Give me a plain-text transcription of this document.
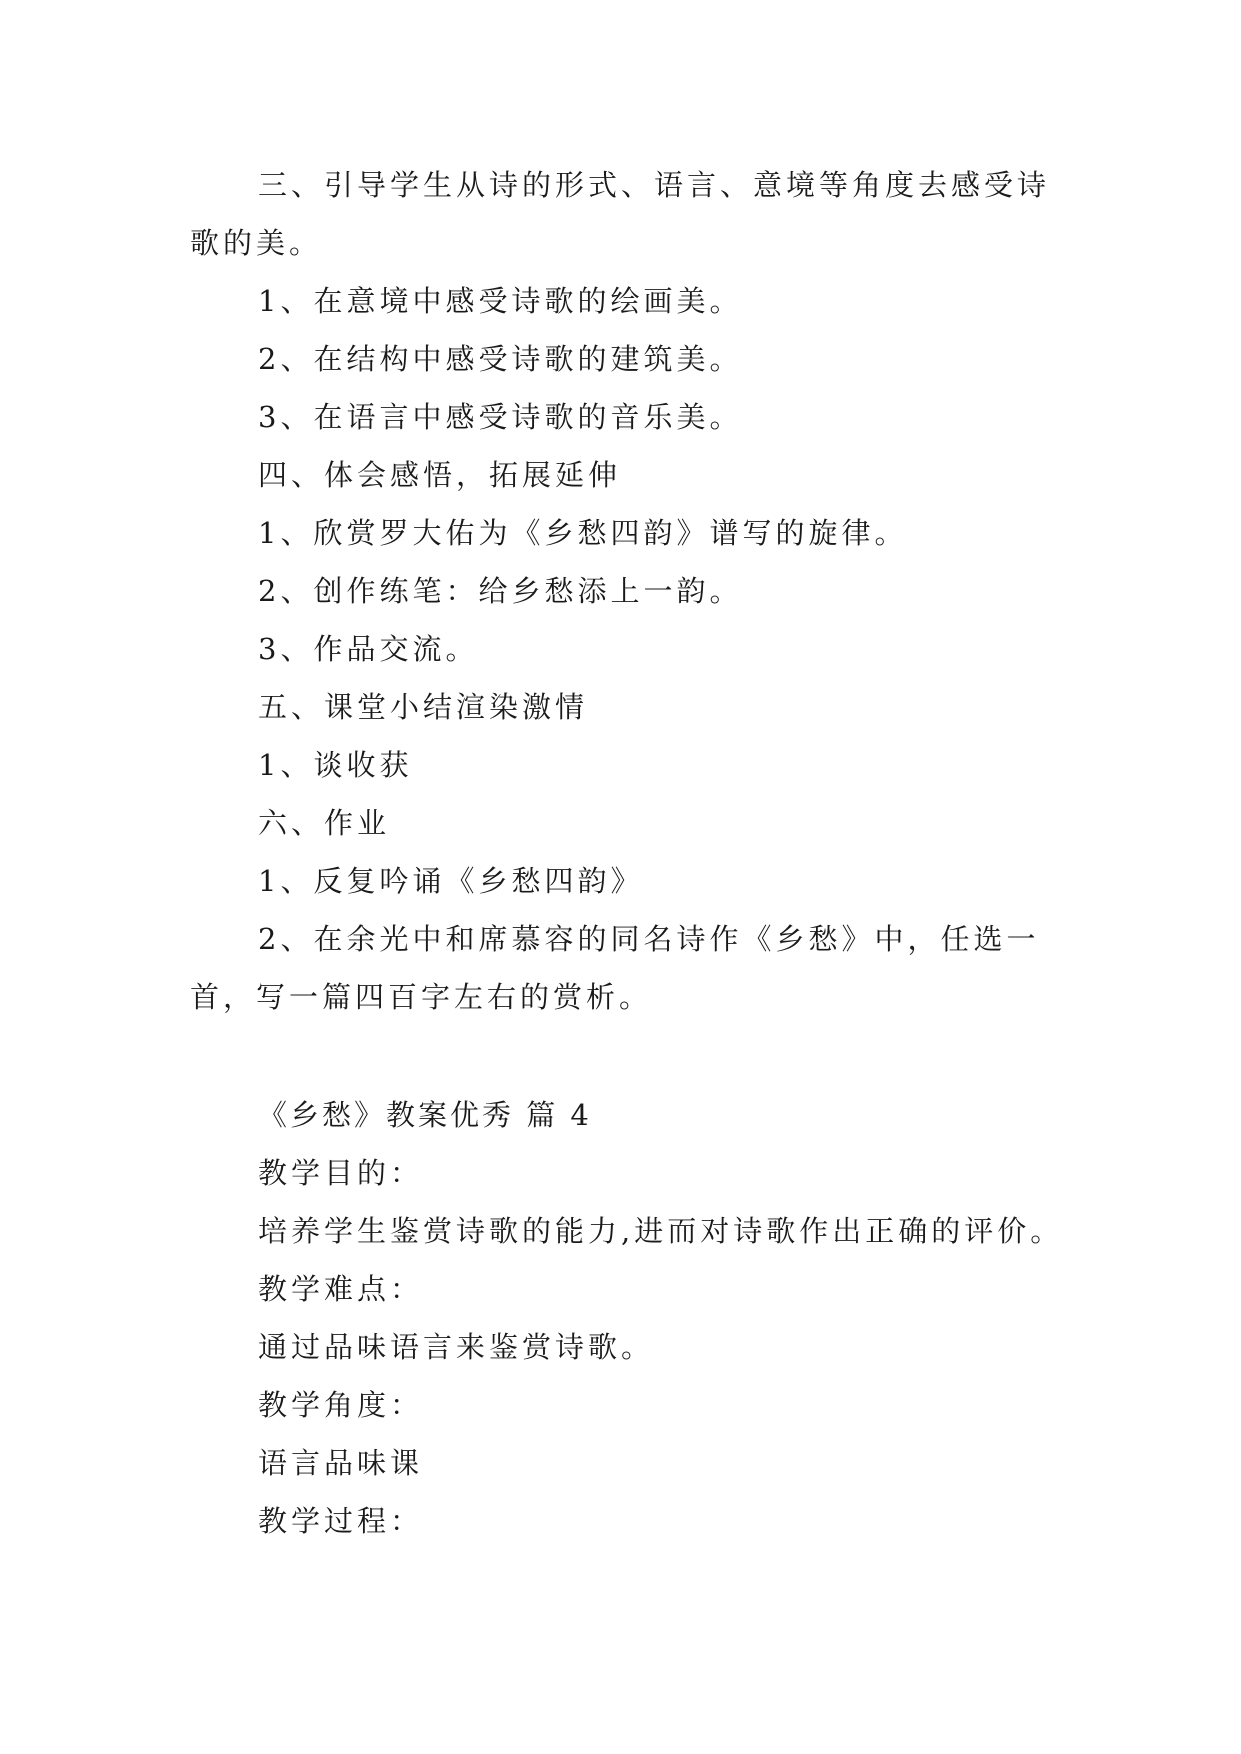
三、引导学生从诗的形式、语言、意境等角度去感受诗
歌的美。
1、在意境中感受诗歌的绘画美。
2、在结构中感受诗歌的建筑美。
3、在语言中感受诗歌的音乐美。
四、体会感悟，拓展延伸
1、欣赏罗大佑为《乡愁四韵》谱写的旋律。
2、创作练笔：给乡愁添上一韵。
3、作品交流。
五、课堂小结渲染激情
1、谈收获
六、作业
1、反复吟诵《乡愁四韵》
2、在余光中和席慕容的同名诗作《乡愁》中，任选一
首，写一篇四百字左右的赏析。
《乡愁》教案优秀 篇 4
教学目的：
培养学生鉴赏诗歌的能力,进而对诗歌作出正确的评价。
教学难点：
通过品味语言来鉴赏诗歌。
教学角度：
语言品味课
教学过程：
